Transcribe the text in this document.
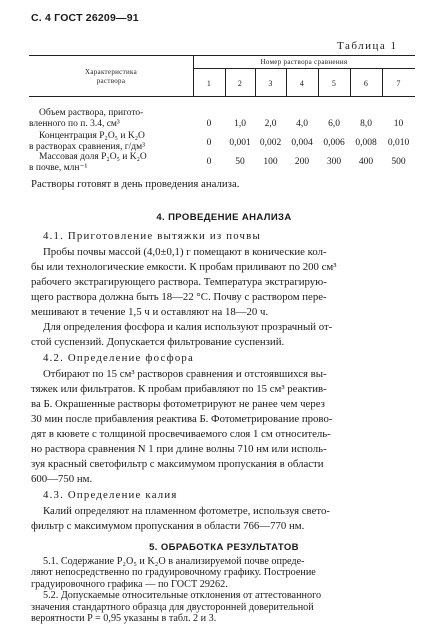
С. 4 ГОСТ 26209—91
Таблица 1
Характеристика
раствора
Номер раствора сравнения
1	2	3	4	5	6	7
Объем раствора, пригото-
вленного по п. 3.4, см³	0	1,0	2,0	4,0	6,0	8,0	10
Концентрация P₂O₅ и K₂O
в растворах сравнения, г/дм³	0	0,001 0,002	0,004	0,006	0,008	0,010
Массовая доля P₂O₅ и K₂O
в почве, млн⁻¹
0	50	100	200	300	400	500
Растворы готовят в день проведения анализа.
4. ПРОВЕДЕНИЕ АНАЛИЗА
4.1. Приготовление вытяжки из почвы
Пробы почвы массой (4,0±0,1) г помещают в конические кол-
бы или технологические емкости. К пробам приливают по 200 см³
рабочего экстрагирующего раствора. Температура экстрагирую-
щего раствора должна быть 18—22 °С. Почву с раствором пере-
мешивают в течение 1,5 ч и оставляют на 18—20 ч.
Для определения фосфора и калия используют прозрачный от-
стой суспензий. Допускается фильтрование суспензий.
4.2. Определение фосфора
Отбирают по 15 см³ растворов сравнения и отстоявшихся вы-
тяжек или фильтратов. К пробам прибавляют по 15 см³ реактив-
ва Б. Окрашенные растворы фотометрируют не ранее чем через
30 мин после прибавления реактива Б. Фотометрирование прово-
дят в кювете с толщиной просвечиваемого слоя 1 см относитель-
но раствора сравнения N 1 при длине волны 710 нм или исполь-
зуя красный светофильтр с максимумом пропускания в области
600—750 нм.
4.3. Определение калия
Калий определяют на пламенном фотометре, используя свето-
фильтр с максимумом пропускания в области 766—770 нм.
5. ОБРАБОТКА РЕЗУЛЬТАТОВ
5.1. Содержание P₂O₅ и K₂O в анализируемой почве опреде-
ляют непосредственно по градуировочному графику. Построение
градуировочного графика — по ГОСТ 29262.
5.2. Допускаемые относительные отклонения от аттестованного
значения стандартного образца для двусторонней доверительной
вероятности P = 0,95 указаны в табл. 2 и 3.
